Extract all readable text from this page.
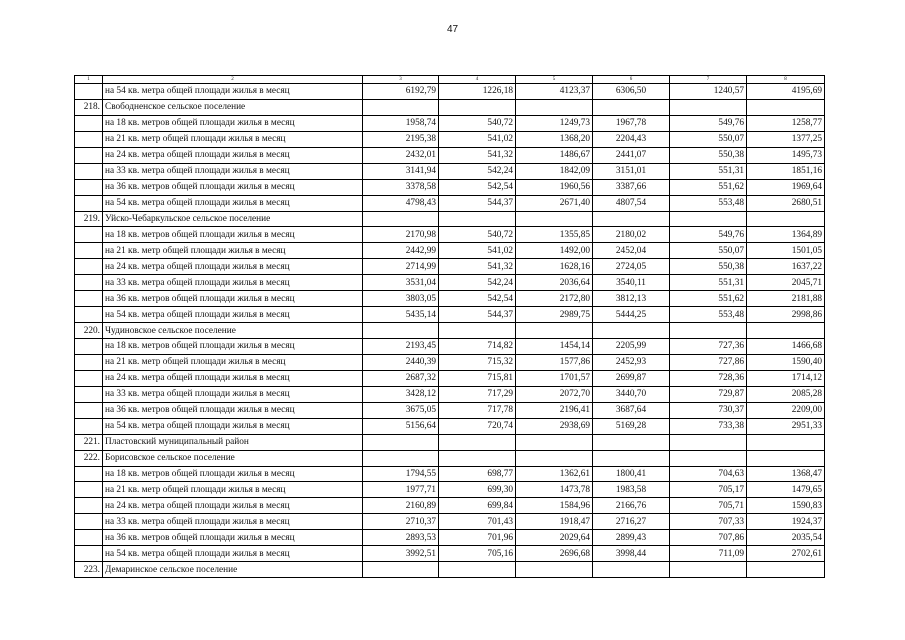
47
1	2	3	4	5	6	7	8
	на 54 кв. метра общей площади жилья в месяц	6192,79	1226,18	4123,37	6306,50	1240,57	4195,69
218.	Свободненское сельское поселение						
	на 18 кв. метров общей площади жилья в месяц	1958,74	540,72	1249,73	1967,78	549,76	1258,77
	на 21 кв. метр общей площади жилья в месяц	2195,38	541,02	1368,20	2204,43	550,07	1377,25
	на 24 кв. метра общей площади жилья в месяц	2432,01	541,32	1486,67	2441,07	550,38	1495,73
	на 33 кв. метра общей площади жилья в месяц	3141,94	542,24	1842,09	3151,01	551,31	1851,16
	на 36 кв. метров общей площади жилья в месяц	3378,58	542,54	1960,56	3387,66	551,62	1969,64
	на 54 кв. метра общей площади жилья в месяц	4798,43	544,37	2671,40	4807,54	553,48	2680,51
219.	Уйско-Чебаркульское сельское поселение						
	на 18 кв. метров общей площади жилья в месяц	2170,98	540,72	1355,85	2180,02	549,76	1364,89
	на 21 кв. метр общей площади жилья в месяц	2442,99	541,02	1492,00	2452,04	550,07	1501,05
	на 24 кв. метра общей площади жилья в месяц	2714,99	541,32	1628,16	2724,05	550,38	1637,22
	на 33 кв. метра общей площади жилья в месяц	3531,04	542,24	2036,64	3540,11	551,31	2045,71
	на 36 кв. метров общей площади жилья в месяц	3803,05	542,54	2172,80	3812,13	551,62	2181,88
	на 54 кв. метра общей площади жилья в месяц	5435,14	544,37	2989,75	5444,25	553,48	2998,86
220.	Чудиновское сельское поселение						
	на 18 кв. метров общей площади жилья в месяц	2193,45	714,82	1454,14	2205,99	727,36	1466,68
	на 21 кв. метр общей площади жилья в месяц	2440,39	715,32	1577,86	2452,93	727,86	1590,40
	на 24 кв. метра общей площади жилья в месяц	2687,32	715,81	1701,57	2699,87	728,36	1714,12
	на 33 кв. метра общей площади жилья в месяц	3428,12	717,29	2072,70	3440,70	729,87	2085,28
	на 36 кв. метров общей площади жилья в месяц	3675,05	717,78	2196,41	3687,64	730,37	2209,00
	на 54 кв. метра общей площади жилья в месяц	5156,64	720,74	2938,69	5169,28	733,38	2951,33
221.	Пластовский муниципальный район						
222.	Борисовское сельское поселение						
	на 18 кв. метров общей площади жилья в месяц	1794,55	698,77	1362,61	1800,41	704,63	1368,47
	на 21 кв. метр общей площади жилья в месяц	1977,71	699,30	1473,78	1983,58	705,17	1479,65
	на 24 кв. метра общей площади жилья в месяц	2160,89	699,84	1584,96	2166,76	705,71	1590,83
	на 33 кв. метра общей площади жилья в месяц	2710,37	701,43	1918,47	2716,27	707,33	1924,37
	на 36 кв. метров общей площади жилья в месяц	2893,53	701,96	2029,64	2899,43	707,86	2035,54
	на 54 кв. метра общей площади жилья в месяц	3992,51	705,16	2696,68	3998,44	711,09	2702,61
223.	Демаринское сельское поселение						
